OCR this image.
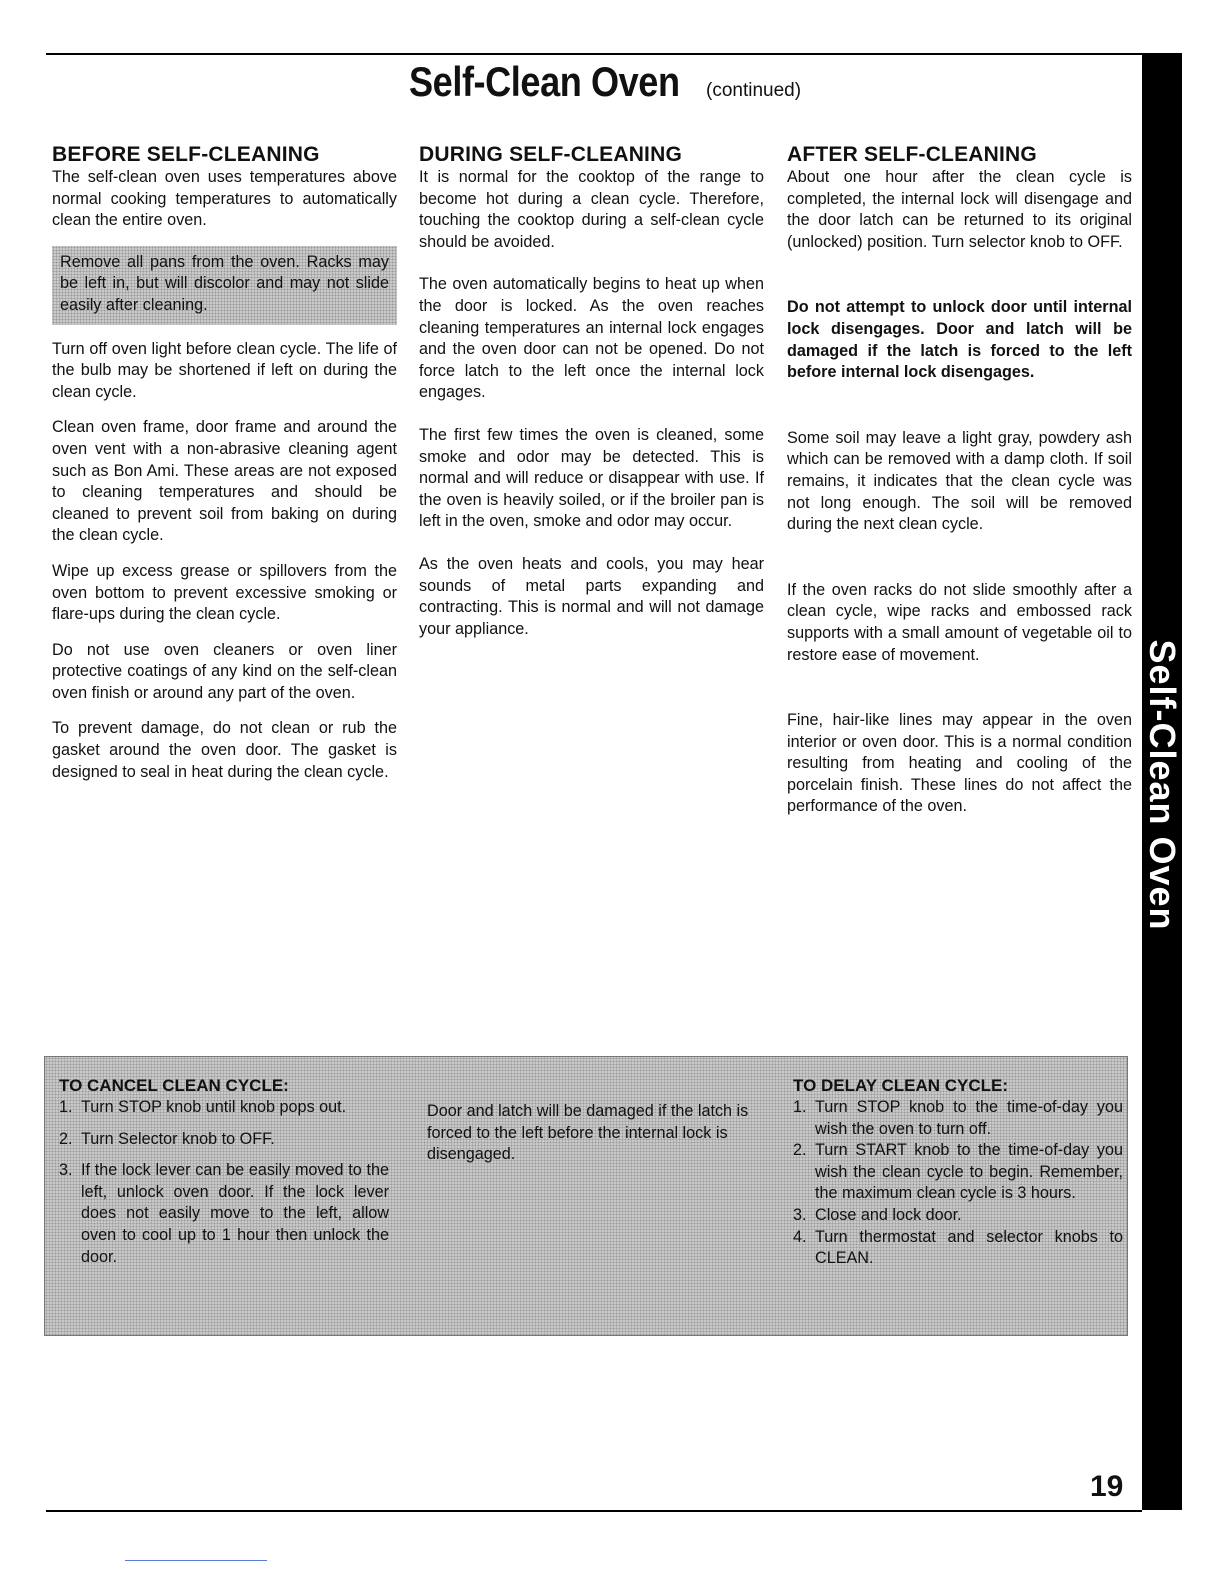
Self-Clean Oven
Self-Clean Oven (continued)
BEFORE SELF-CLEANING

The self-clean oven uses temperatures above normal cooking temperatures to automatically clean the entire oven.

Remove all pans from the oven. Racks may be left in, but will discolor and may not slide easily after cleaning.

Turn off oven light before clean cycle. The life of the bulb may be shortened if left on during the clean cycle.

Clean oven frame, door frame and around the oven vent with a non-abrasive cleaning agent such as Bon Ami. These areas are not exposed to cleaning temperatures and should be cleaned to prevent soil from baking on during the clean cycle.

Wipe up excess grease or spillovers from the oven bottom to prevent excessive smoking or flare-ups during the clean cycle.

Do not use oven cleaners or oven liner protective coatings of any kind on the self-clean oven finish or around any part of the oven.

To prevent damage, do not clean or rub the gasket around the oven door. The gasket is designed to seal in heat during the clean cycle.

DURING SELF-CLEANING

It is normal for the cooktop of the range to become hot during a clean cycle. Therefore, touching the cooktop during a self-clean cycle should be avoided.

The oven automatically begins to heat up when the door is locked. As the oven reaches cleaning temperatures an internal lock engages and the oven door can not be opened. Do not force latch to the left once the internal lock engages.

The first few times the oven is cleaned, some smoke and odor may be detected. This is normal and will reduce or disappear with use. If the oven is heavily soiled, or if the broiler pan is left in the oven, smoke and odor may occur.

As the oven heats and cools, you may hear sounds of metal parts expanding and contracting. This is normal and will not damage your appliance.

AFTER SELF-CLEANING

About one hour after the clean cycle is completed, the internal lock will disengage and the door latch can be returned to its original (unlocked) position. Turn selector knob to OFF.

Do not attempt to unlock door until internal lock disengages. Door and latch will be damaged if the latch is forced to the left before internal lock disengages.

Some soil may leave a light gray, powdery ash which can be removed with a damp cloth. If soil remains, it indicates that the clean cycle was not long enough. The soil will be removed during the next clean cycle.

If the oven racks do not slide smoothly after a clean cycle, wipe racks and embossed rack supports with a small amount of vegetable oil to restore ease of movement.

Fine, hair-like lines may appear in the oven interior or oven door. This is a normal condition resulting from heating and cooling of the porcelain finish. These lines do not affect the performance of the oven.

TO CANCEL CLEAN CYCLE:
1. Turn STOP knob until knob pops out.
2. Turn Selector knob to OFF.
3. If the lock lever can be easily moved to the left, unlock oven door. If the lock lever does not easily move to the left, allow oven to cool up to 1 hour then unlock the door.
Door and latch will be damaged if the latch is forced to the left before the internal lock is disengaged.
TO DELAY CLEAN CYCLE:
1. Turn STOP knob to the time-of-day you wish the oven to turn off.
2. Turn START knob to the time-of-day you wish the clean cycle to begin. Remember, the maximum clean cycle is 3 hours.
3. Close and lock door.
4. Turn thermostat and selector knobs to CLEAN.
19
